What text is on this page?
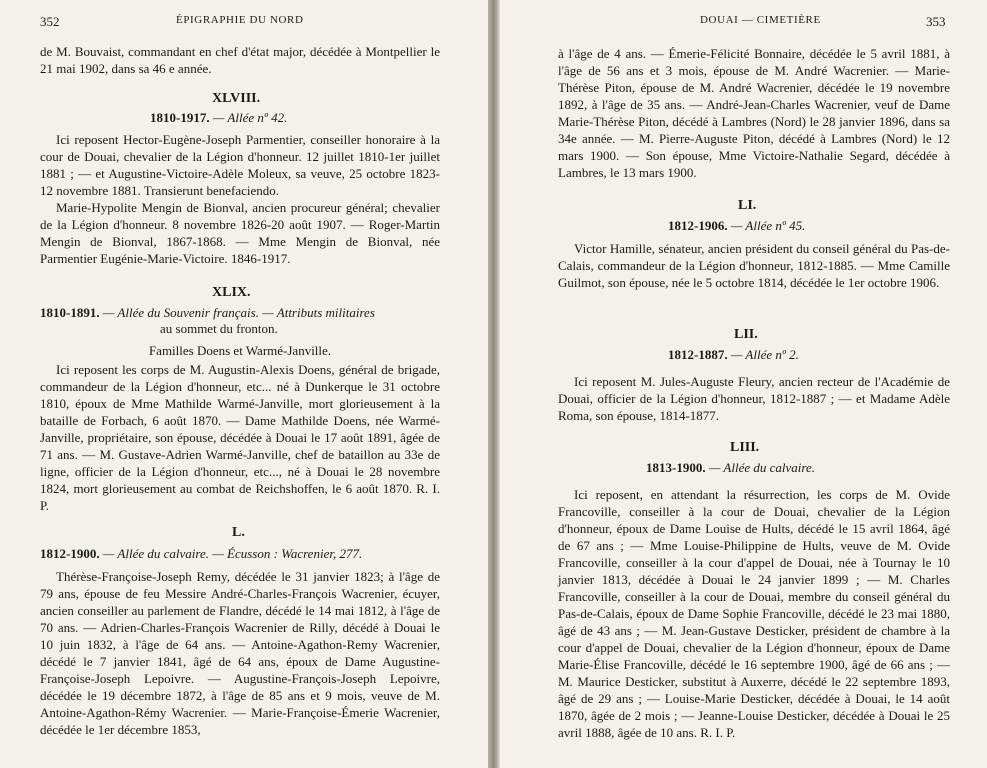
352	ÉPIGRAPHIE DU NORD

de M. Bouvaist, commandant en chef d'état major, décédée à Montpellier le 21 mai 1902, dans sa 46 e année.

XLVIII.
1810-1917. — Allée nº 42.

Ici reposent Hector-Eugène-Joseph Parmentier, conseiller honoraire à la cour de Douai, chevalier de la Légion d'honneur. 12 juillet 1810-1er juillet 1881 ; — et Augustine-Victoire-Adèle Moleux, sa veuve, 25 octobre 1823-12 novembre 1881. Transierunt benefaciendo.

Marie-Hypolite Mengin de Bionval, ancien procureur général; chevalier de la Légion d'honneur. 8 novembre 1826-20 août 1907. — Roger-Martin Mengin de Bionval, 1867-1868. — Mme Mengin de Bionval, née Parmentier Eugénie-Marie-Victoire. 1846-1917.

XLIX.
1810-1891. — Allée du Souvenir français. — Attributs militaires
au sommet du fronton.
Familles Doens et Warmé-Janville.

Ici reposent les corps de M. Augustin-Alexis Doens, général de brigade, commandeur de la Légion d'honneur, etc... né à Dunkerque le 31 octobre 1810, époux de Mme Mathilde Warmé-Janville, mort glorieusement à la bataille de Forbach, 6 août 1870. — Dame Mathilde Doens, née Warmé-Janville, propriétaire, son épouse, décédée à Douai le 17 août 1891, âgée de 71 ans. — M. Gustave-Adrien Warmé-Janville, chef de bataillon au 33e de ligne, officier de la Légion d'honneur, etc..., né à Douai le 28 novembre 1824, mort glorieusement au combat de Reichshoffen, le 6 août 1870. R. I. P.

L.
1812-1900. — Allée du calvaire. — Écusson : Wacrenier, 277.

Thérèse-Françoise-Joseph Remy, décédée le 31 janvier 1823; à l'âge de 79 ans, épouse de feu Messire André-Charles-François Wacrenier, écuyer, ancien conseiller au parlement de Flandre, décédé le 14 mai 1812, à l'âge de 70 ans. — Adrien-Charles-François Wacrenier de Rilly, décédé à Douai le 10 juin 1832, à l'âge de 64 ans. — Antoine-Agathon-Remy Wacrenier, décédé le 7 janvier 1841, âgé de 64 ans, époux de Dame Augustine-Françoise-Joseph Lepoivre. — Augustine-François-Joseph Lepoivre, décédée le 19 décembre 1872, à l'âge de 85 ans et 9 mois, veuve de M. Antoine-Agathon-Rémy Wacrenier. — Marie-Françoise-Émerie Wacrenier, décédée le 1er décembre 1853,

DOUAI — CIMETIÈRE	353

à l'âge de 4 ans. — Émerie-Félicité Bonnaire, décédée le 5 avril 1881, à l'âge de 56 ans et 3 mois, épouse de M. André Wacrenier. — Marie-Thérèse Piton, épouse de M. André Wacrenier, décédée le 19 novembre 1892, à l'âge de 35 ans. — André-Jean-Charles Wacrenier, veuf de Dame Marie-Thérèse Piton, décédé à Lambres (Nord) le 28 janvier 1896, dans sa 34e année. — M. Pierre-Auguste Piton, décédé à Lambres (Nord) le 12 mars 1900. — Son épouse, Mme Victoire-Nathalie Segard, décédée à Lambres, le 13 mars 1900.

LI.
1812-1906. — Allée nº 45.

Victor Hamille, sénateur, ancien président du conseil général du Pas-de-Calais, commandeur de la Légion d'honneur, 1812-1885. — Mme Camille Guilmot, son épouse, née le 5 octobre 1814, décédée le 1er octobre 1906.

LII.
1812-1887. — Allée nº 2.

Ici reposent M. Jules-Auguste Fleury, ancien recteur de l'Académie de Douai, officier de la Légion d'honneur, 1812-1887 ; — et Madame Adèle Roma, son épouse, 1814-1877.

LIII.
1813-1900. — Allée du calvaire.

Ici reposent, en attendant la résurrection, les corps de M. Ovide Francoville, conseiller à la cour de Douai, chevalier de la Légion d'honneur, époux de Dame Louise de Hults, décédé le 15 avril 1864, âgé de 67 ans ; — Mme Louise-Philippine de Hults, veuve de M. Ovide Francoville, conseiller à la cour d'appel de Douai, née à Tournay le 10 janvier 1813, décédée à Douai le 24 janvier 1899 ; — M. Charles Francoville, conseiller à la cour de Douai, membre du conseil général du Pas-de-Calais, époux de Dame Sophie Francoville, décédé le 23 mai 1880, âgé de 43 ans ; — M. Jean-Gustave Desticker, président de chambre à la cour d'appel de Douai, chevalier de la Légion d'honneur, époux de Dame Marie-Élise Francoville, décédé le 16 septembre 1900, âgé de 66 ans ; — M. Maurice Desticker, substitut à Auxerre, décédé le 22 septembre 1893, âgé de 29 ans ; — Louise-Marie Desticker, décédée à Douai, le 14 août 1870, âgée de 2 mois ; — Jeanne-Louise Desticker, décédée à Douai le 25 avril 1888, âgée de 10 ans. R. I. P.
